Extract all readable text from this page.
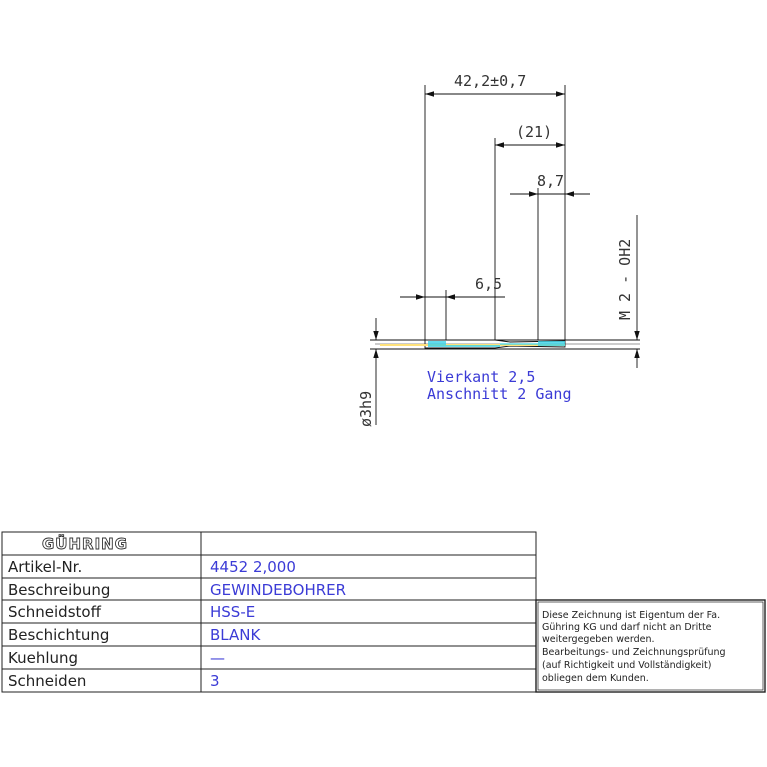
42,2±0,7
(21)
8,7
6,5	M 2 - OH2
ø3h9
Vierkant 2,5
Anschnitt 2 Gang
GÜHRING
Artikel-Nr.	4452 2,000
Beschreibung	GEWINDEBOHRER
Schneidstoff	HSS-E
Beschichtung	BLANK
Kuehlung	—
Schneiden	3
Diese Zeichnung ist Eigentum der Fa.
Gühring KG und darf nicht an Dritte
weitergegeben werden.
Bearbeitungs- und Zeichnungsprüfung
(auf Richtigkeit und Vollständigkeit)
obliegen dem Kunden.
